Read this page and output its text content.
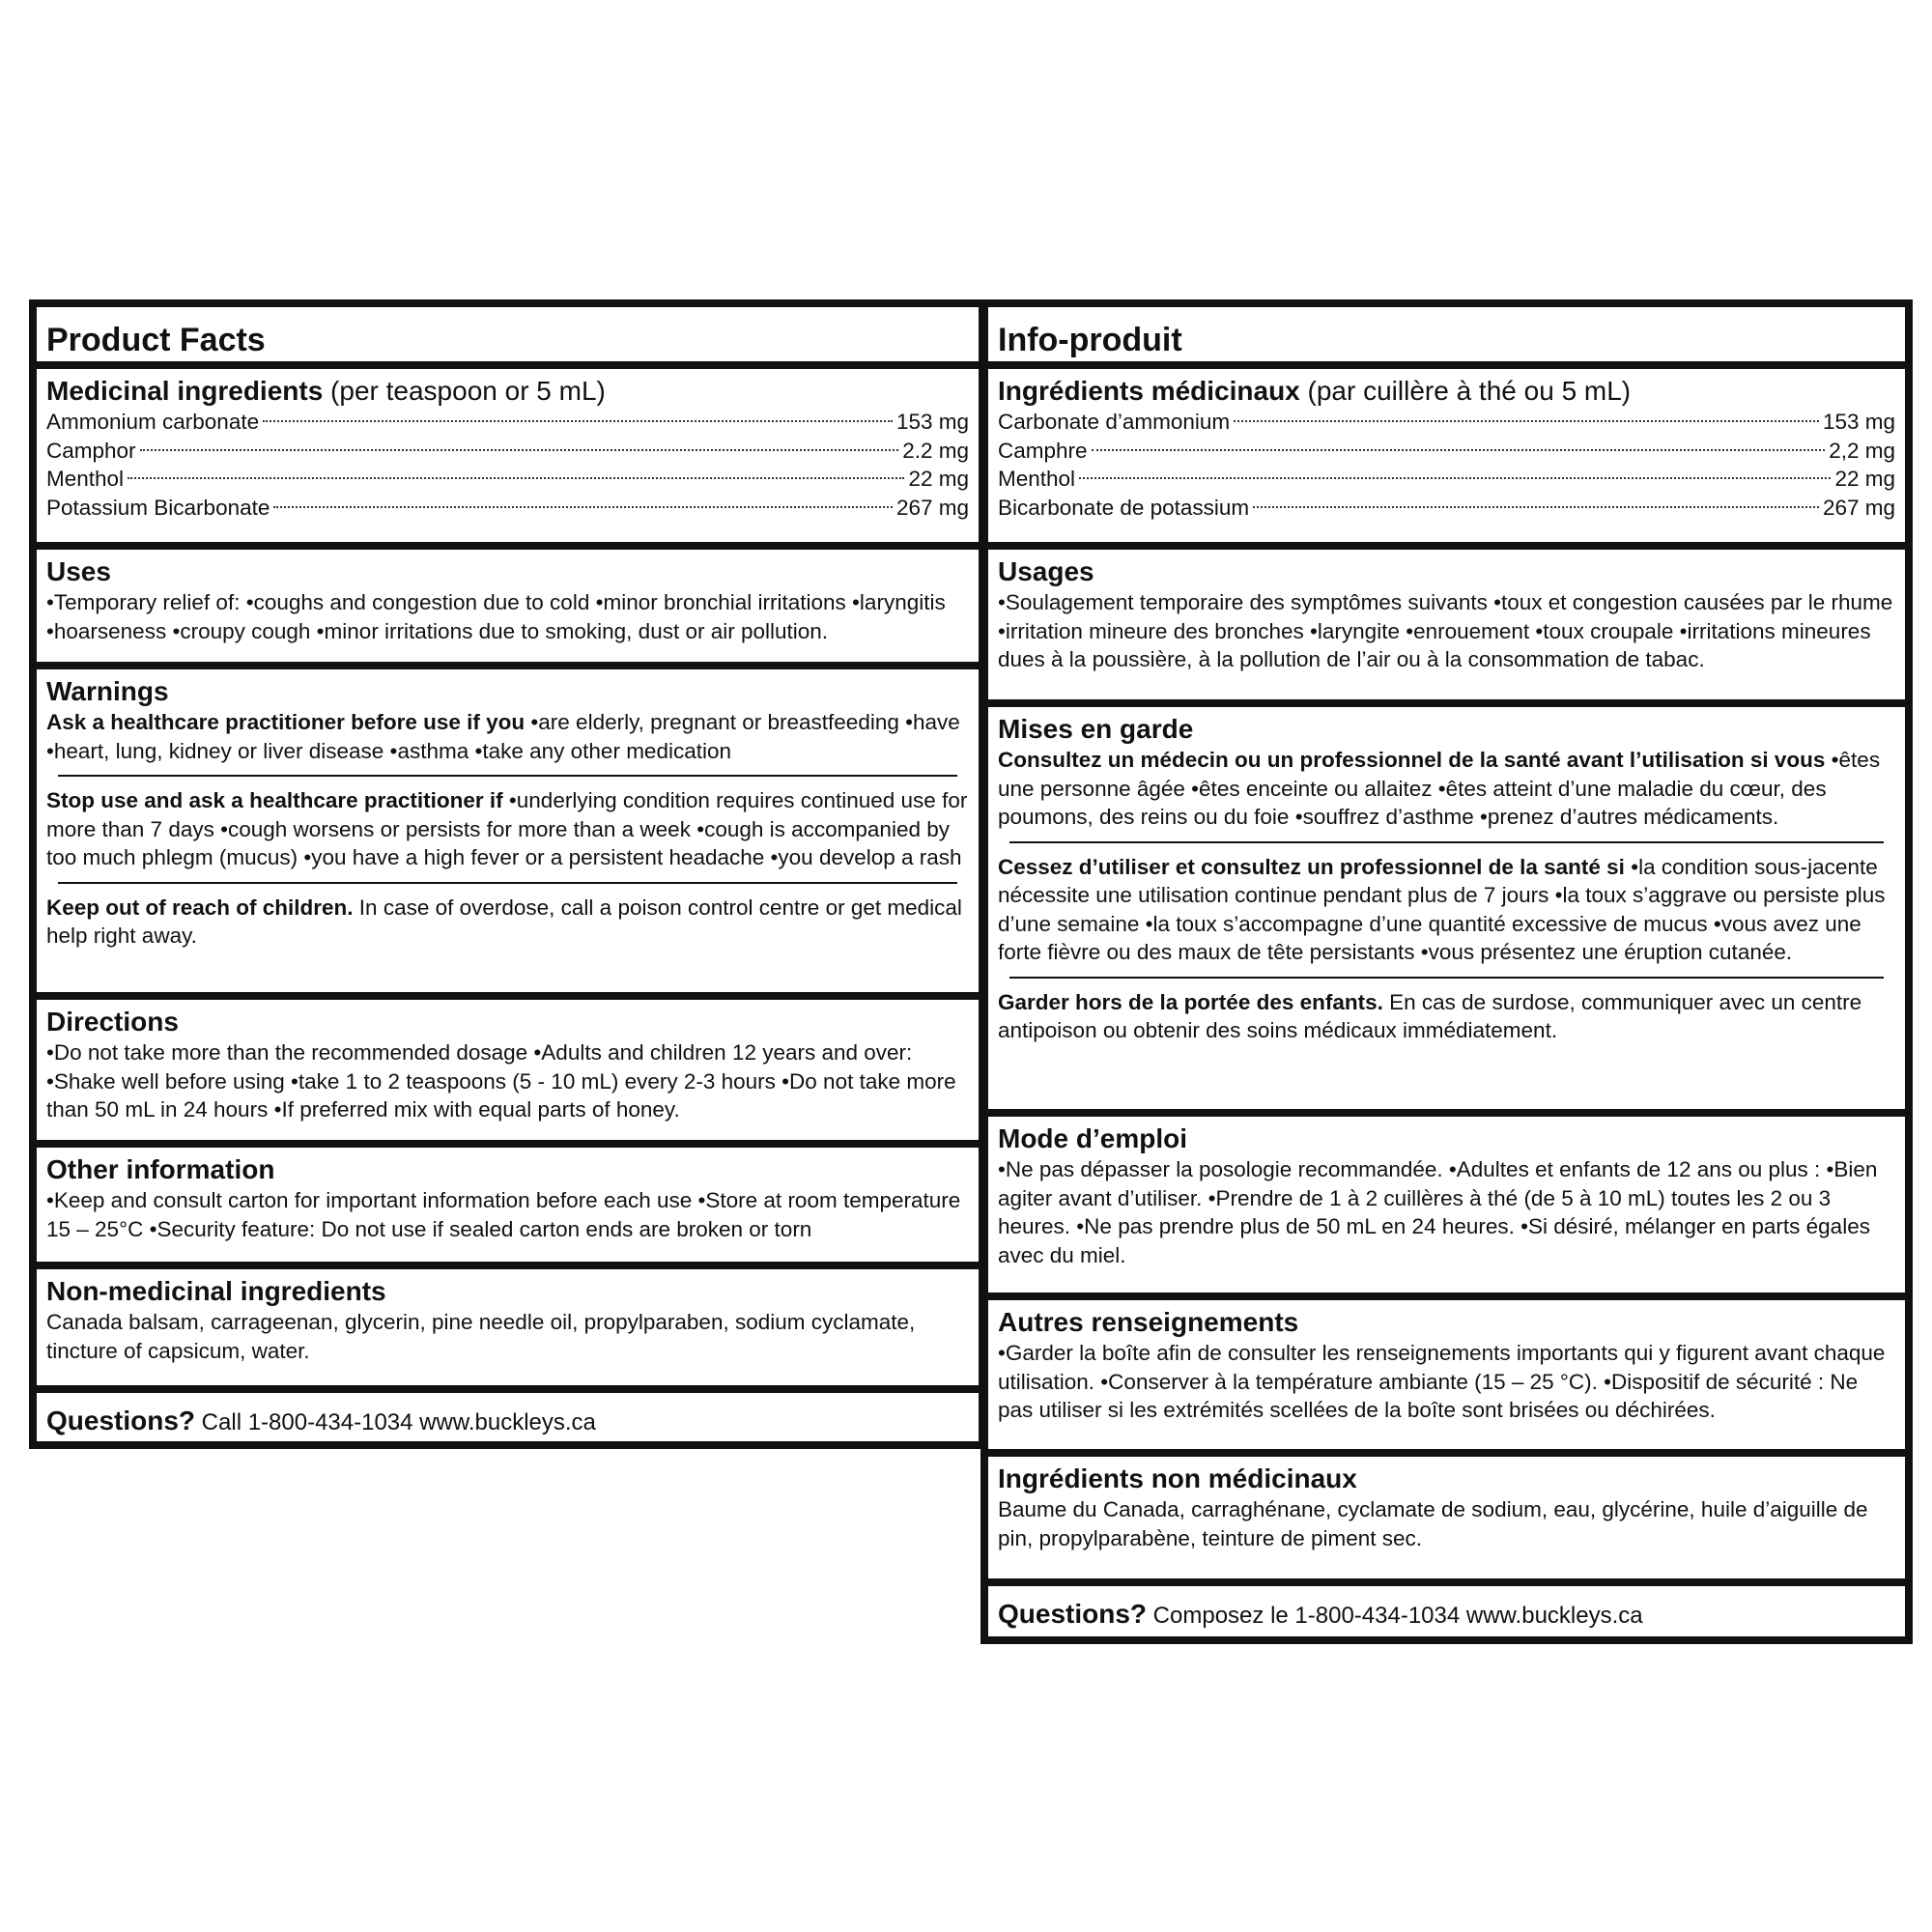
Product Facts
Medicinal ingredients (per teaspoon or 5 mL)
Ammonium carbonate	153 mg
Camphor	2.2 mg
Menthol	22 mg
Potassium Bicarbonate	267 mg
Uses

•Temporary relief of: •coughs and congestion due to cold •minor bronchial irritations •laryngitis •hoarseness •croupy cough •minor irritations due to smoking, dust or air pollution.

Warnings

Ask a healthcare practitioner before use if you •are elderly, pregnant or breastfeeding •have •heart, lung, kidney or liver disease •asthma •take any other medication

Stop use and ask a healthcare practitioner if •underlying condition requires continued use for more than 7 days •cough worsens or persists for more than a week •cough is accompanied by too much phlegm (mucus) •you have a high fever or a persistent headache •you develop a rash

Keep out of reach of children. In case of overdose, call a poison control centre or get medical help right away.

Directions

•Do not take more than the recommended dosage •Adults and children 12 years and over: •Shake well before using •take 1 to 2 teaspoons (5 - 10 mL) every 2-3 hours •Do not take more than 50 mL in 24 hours •If preferred mix with equal parts of honey.

Other information

•Keep and consult carton for important information before each use •Store at room temperature 15 – 25°C •Security feature: Do not use if sealed carton ends are broken or torn

Non-medicinal ingredients

Canada balsam, carrageenan, glycerin, pine needle oil, propylparaben, sodium cyclamate, tincture of capsicum, water.

Questions? Call 1-800-434-1034 www.buckleys.ca
Info-produit
Ingrédients médicinaux (par cuillère à thé ou 5 mL)
Carbonate d’ammonium	153 mg
Camphre	2,2 mg
Menthol	22 mg
Bicarbonate de potassium	267 mg
Usages

•Soulagement temporaire des symptômes suivants •toux et congestion causées par le rhume •irritation mineure des bronches •laryngite •enrouement •toux croupale •irritations mineures dues à la poussière, à la pollution de l’air ou à la consommation de tabac.

Mises en garde

Consultez un médecin ou un professionnel de la santé avant l’utilisation si vous •êtes une personne âgée •êtes enceinte ou allaitez •êtes atteint d’une maladie du cœur, des poumons, des reins ou du foie •souffrez d’asthme •prenez d’autres médicaments.

Cessez d’utiliser et consultez un professionnel de la santé si •la condition sous-jacente nécessite une utilisation continue pendant plus de 7 jours •la toux s’aggrave ou persiste plus d’une semaine •la toux s’accompagne d’une quantité excessive de mucus •vous avez une forte fièvre ou des maux de tête persistants •vous présentez une éruption cutanée.

Garder hors de la portée des enfants. En cas de surdose, communiquer avec un centre antipoison ou obtenir des soins médicaux immédiatement.

Mode d’emploi

•Ne pas dépasser la posologie recommandée. •Adultes et enfants de 12 ans ou plus : •Bien agiter avant d’utiliser. •Prendre de 1 à 2 cuillères à thé (de 5 à 10 mL) toutes les 2 ou 3 heures. •Ne pas prendre plus de 50 mL en 24 heures. •Si désiré, mélanger en parts égales avec du miel.

Autres renseignements

•Garder la boîte afin de consulter les renseignements importants qui y figurent avant chaque utilisation. •Conserver à la température ambiante (15 – 25 °C). •Dispositif de sécurité : Ne pas utiliser si les extrémités scellées de la boîte sont brisées ou déchirées.

Ingrédients non médicinaux

Baume du Canada, carraghénane, cyclamate de sodium, eau, glycérine, huile d’aiguille de pin, propylparabène, teinture de piment sec.

Questions? Composez le 1-800-434-1034 www.buckleys.ca
